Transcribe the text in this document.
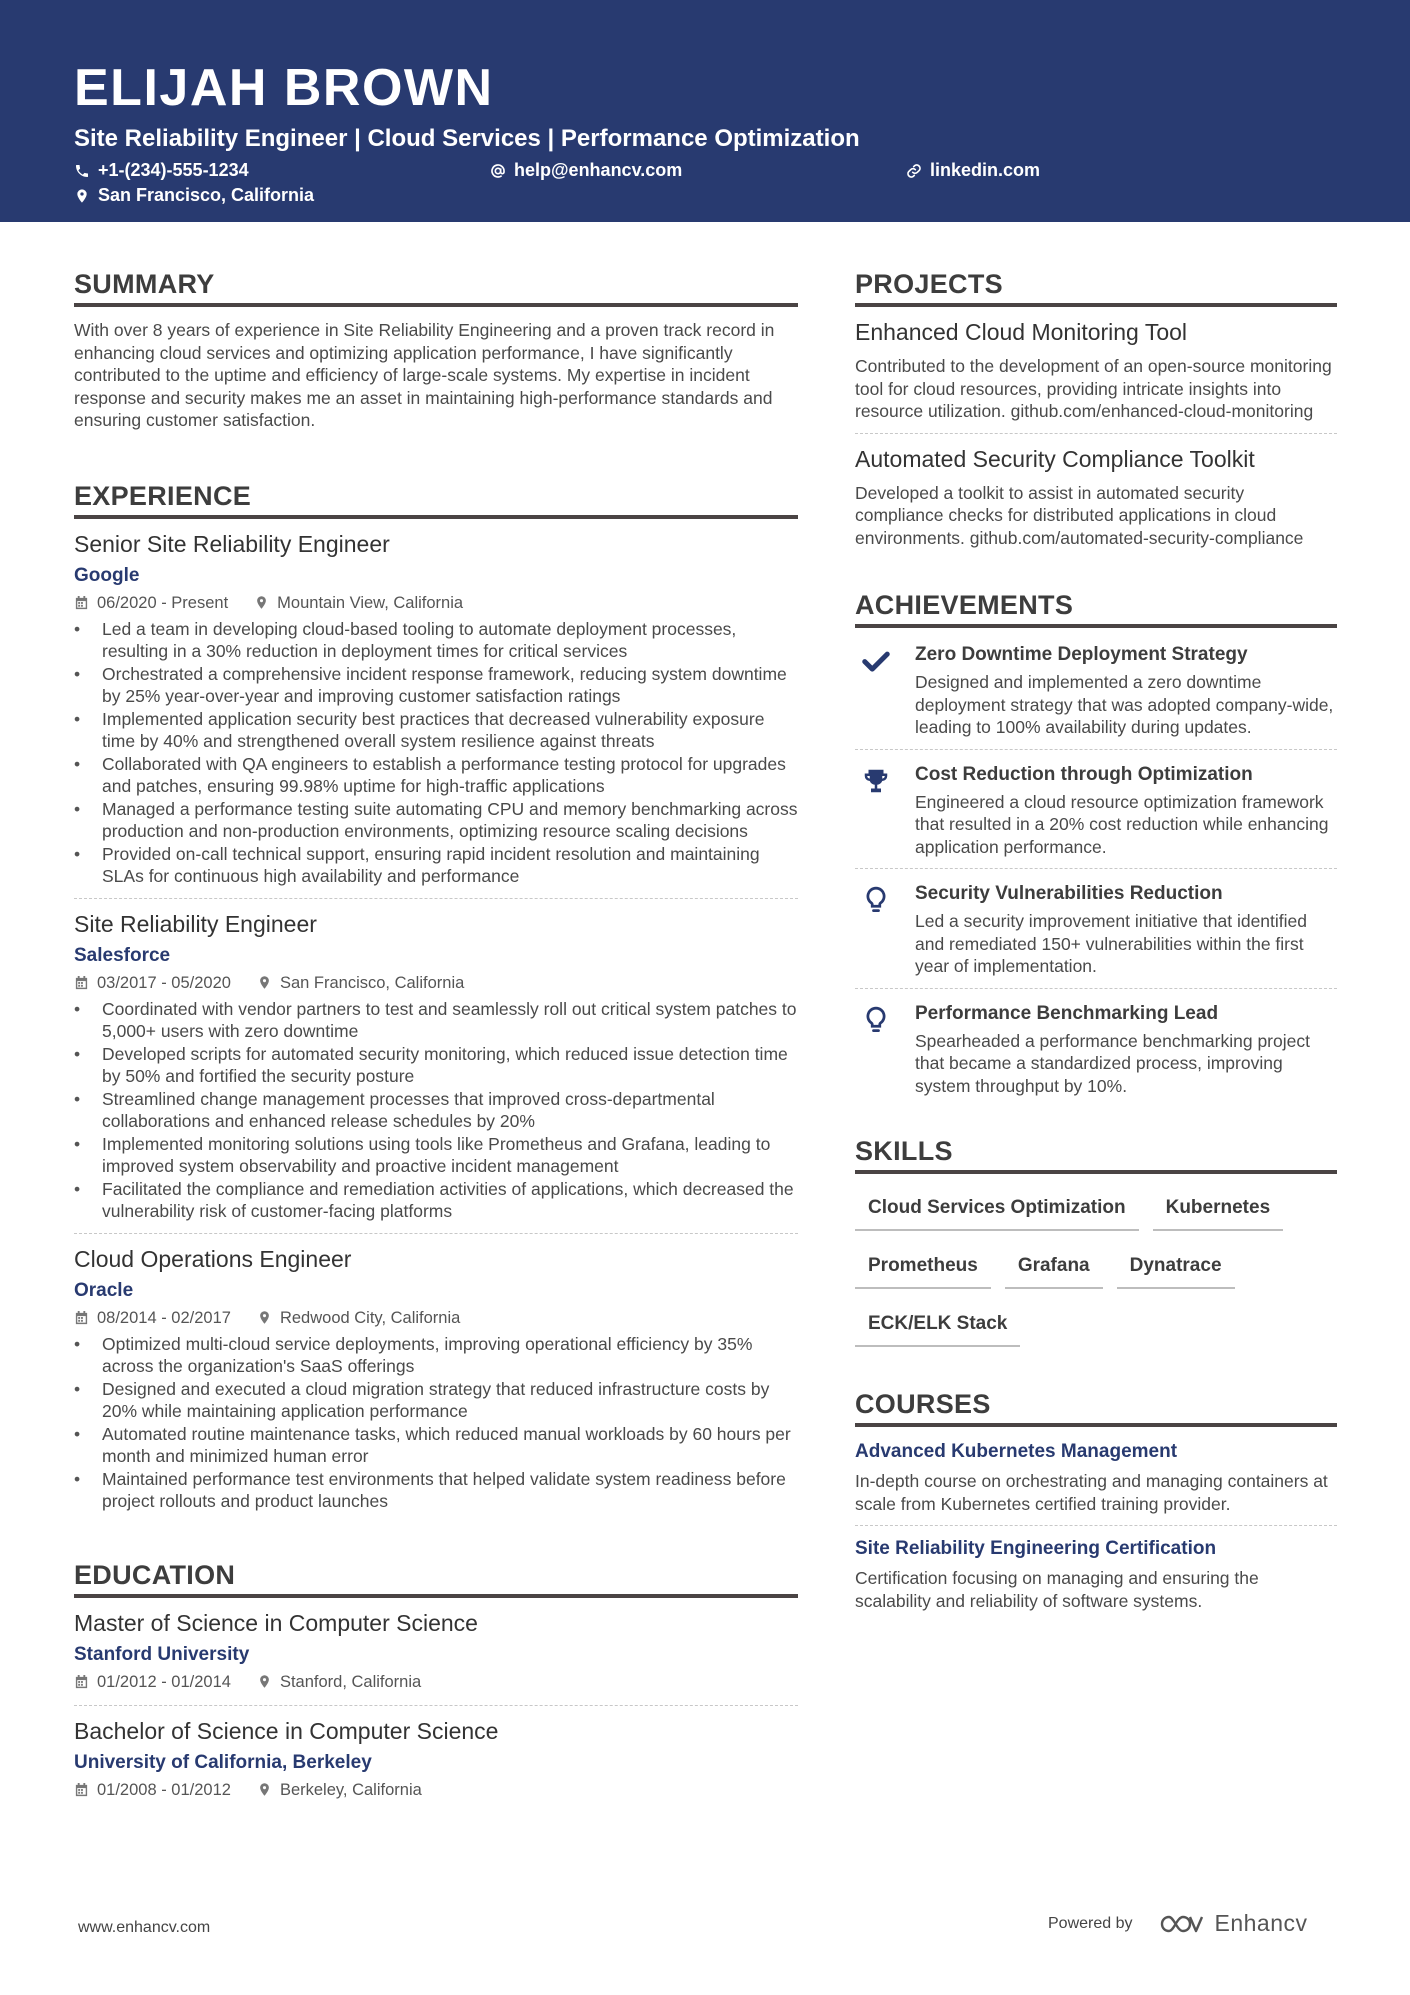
ELIJAH BROWN
Site Reliability Engineer | Cloud Services | Performance Optimization
+1-(234)-555-1234	help@enhancv.com	linkedin.com
San Francisco, California
SUMMARY
With over 8 years of experience in Site Reliability Engineering and a proven track record in enhancing cloud services and optimizing application performance, I have significantly contributed to the uptime and efficiency of large-scale systems. My expertise in incident response and security makes me an asset in maintaining high-performance standards and ensuring customer satisfaction.
EXPERIENCE
Senior Site Reliability Engineer
Google
06/2020 - Present	Mountain View, California
• Led a team in developing cloud-based tooling to automate deployment processes, resulting in a 30% reduction in deployment times for critical services
• Orchestrated a comprehensive incident response framework, reducing system downtime by 25% year-over-year and improving customer satisfaction ratings
• Implemented application security best practices that decreased vulnerability exposure time by 40% and strengthened overall system resilience against threats
• Collaborated with QA engineers to establish a performance testing protocol for upgrades and patches, ensuring 99.98% uptime for high-traffic applications
• Managed a performance testing suite automating CPU and memory benchmarking across production and non-production environments, optimizing resource scaling decisions
• Provided on-call technical support, ensuring rapid incident resolution and maintaining SLAs for continuous high availability and performance
Site Reliability Engineer
Salesforce
03/2017 - 05/2020	San Francisco, California
• Coordinated with vendor partners to test and seamlessly roll out critical system patches to 5,000+ users with zero downtime
• Developed scripts for automated security monitoring, which reduced issue detection time by 50% and fortified the security posture
• Streamlined change management processes that improved cross-departmental collaborations and enhanced release schedules by 20%
• Implemented monitoring solutions using tools like Prometheus and Grafana, leading to improved system observability and proactive incident management
• Facilitated the compliance and remediation activities of applications, which decreased the vulnerability risk of customer-facing platforms
Cloud Operations Engineer
Oracle
08/2014 - 02/2017	Redwood City, California
• Optimized multi-cloud service deployments, improving operational efficiency by 35% across the organization's SaaS offerings
• Designed and executed a cloud migration strategy that reduced infrastructure costs by 20% while maintaining application performance
• Automated routine maintenance tasks, which reduced manual workloads by 60 hours per month and minimized human error
• Maintained performance test environments that helped validate system readiness before project rollouts and product launches
EDUCATION
Master of Science in Computer Science
Stanford University
01/2012 - 01/2014	Stanford, California
Bachelor of Science in Computer Science
University of California, Berkeley
01/2008 - 01/2012	Berkeley, California
PROJECTS
Enhanced Cloud Monitoring Tool
Contributed to the development of an open-source monitoring tool for cloud resources, providing intricate insights into resource utilization. github.com/enhanced-cloud-monitoring
Automated Security Compliance Toolkit
Developed a toolkit to assist in automated security compliance checks for distributed applications in cloud environments. github.com/automated-security-compliance
ACHIEVEMENTS
Zero Downtime Deployment Strategy
Designed and implemented a zero downtime deployment strategy that was adopted company-wide, leading to 100% availability during updates.
Cost Reduction through Optimization
Engineered a cloud resource optimization framework that resulted in a 20% cost reduction while enhancing application performance.
Security Vulnerabilities Reduction
Led a security improvement initiative that identified and remediated 150+ vulnerabilities within the first year of implementation.
Performance Benchmarking Lead
Spearheaded a performance benchmarking project that became a standardized process, improving system throughput by 10%.
SKILLS
Cloud Services Optimization	Kubernetes
Prometheus	Grafana	Dynatrace
ECK/ELK Stack
COURSES
Advanced Kubernetes Management
In-depth course on orchestrating and managing containers at scale from Kubernetes certified training provider.
Site Reliability Engineering Certification
Certification focusing on managing and ensuring the scalability and reliability of software systems.
www.enhancv.com	Powered by	Enhancv
